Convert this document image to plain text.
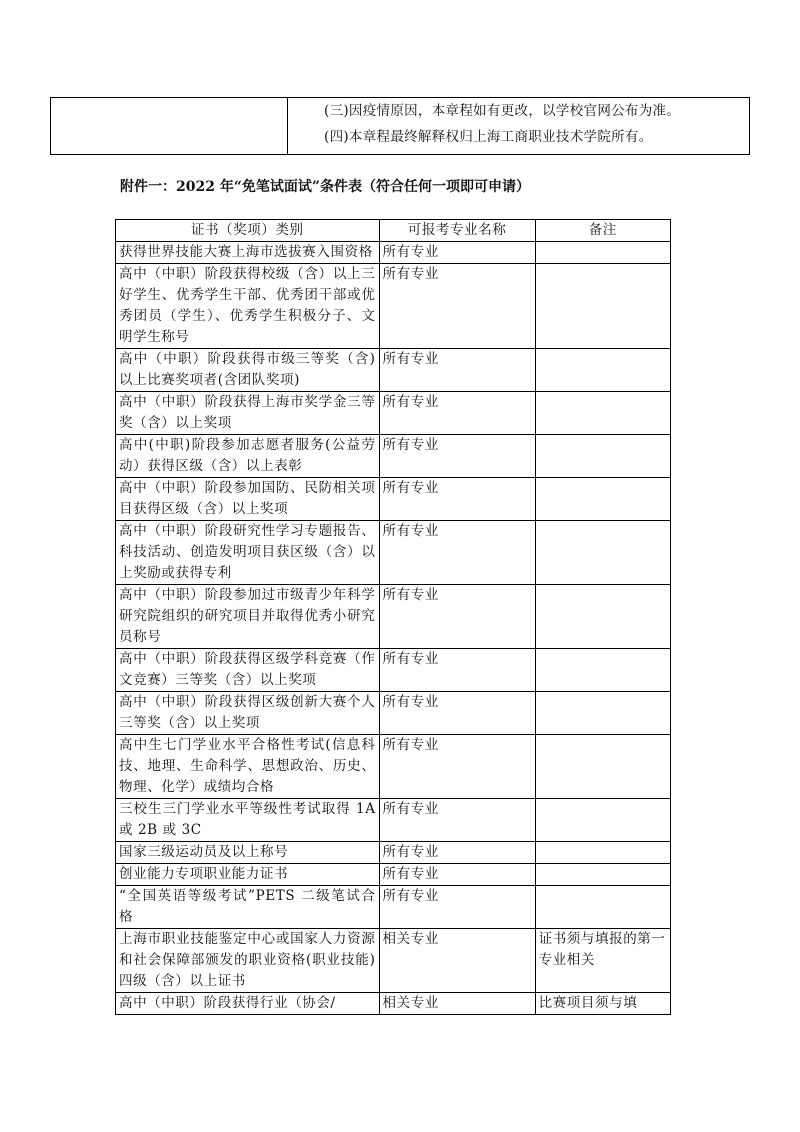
(三)因疫情原因，本章程如有更改，以学校官网公布为准。
(四)本章程最终解释权归上海工商职业技术学院所有。
附件一：2022 年“免笔试面试”条件表（符合任何一项即可申请）
证书（奖项）类别	可报考专业名称	备注
获得世界技能大赛上海市选拔赛入围资格	所有专业	
高中（中职）阶段获得校级（含）以上三好学生、优秀学生干部、优秀团干部或优秀团员（学生）、优秀学生积极分子、文明学生称号	所有专业	
高中（中职）阶段获得市级三等奖（含)以上比赛奖项者(含团队奖项)	所有专业	
高中（中职）阶段获得上海市奖学金三等奖（含）以上奖项	所有专业	
高中(中职)阶段参加志愿者服务(公益劳动）获得区级（含）以上表彰	所有专业	
高中（中职）阶段参加国防、民防相关项目获得区级（含）以上奖项	所有专业	
高中（中职）阶段研究性学习专题报告、科技活动、创造发明项目获区级（含）以上奖励或获得专利	所有专业	
高中（中职）阶段参加过市级青少年科学研究院组织的研究项目并取得优秀小研究员称号	所有专业	
高中（中职）阶段获得区级学科竞赛（作文竞赛）三等奖（含）以上奖项	所有专业	
高中（中职）阶段获得区级创新大赛个人三等奖（含）以上奖项	所有专业	
高中生七门学业水平合格性考试(信息科技、地理、生命科学、思想政治、历史、物理、化学）成绩均合格	所有专业	
三校生三门学业水平等级性考试取得 1A 或 2B 或 3C	所有专业	
国家三级运动员及以上称号	所有专业	
创业能力专项职业能力证书	所有专业	
“全国英语等级考试”PETS 二级笔试合格	所有专业	
上海市职业技能鉴定中心或国家人力资源和社会保障部颁发的职业资格(职业技能)四级（含）以上证书	相关专业	证书须与填报的第一专业相关
高中（中职）阶段获得行业（协会/	相关专业	比赛项目须与填
